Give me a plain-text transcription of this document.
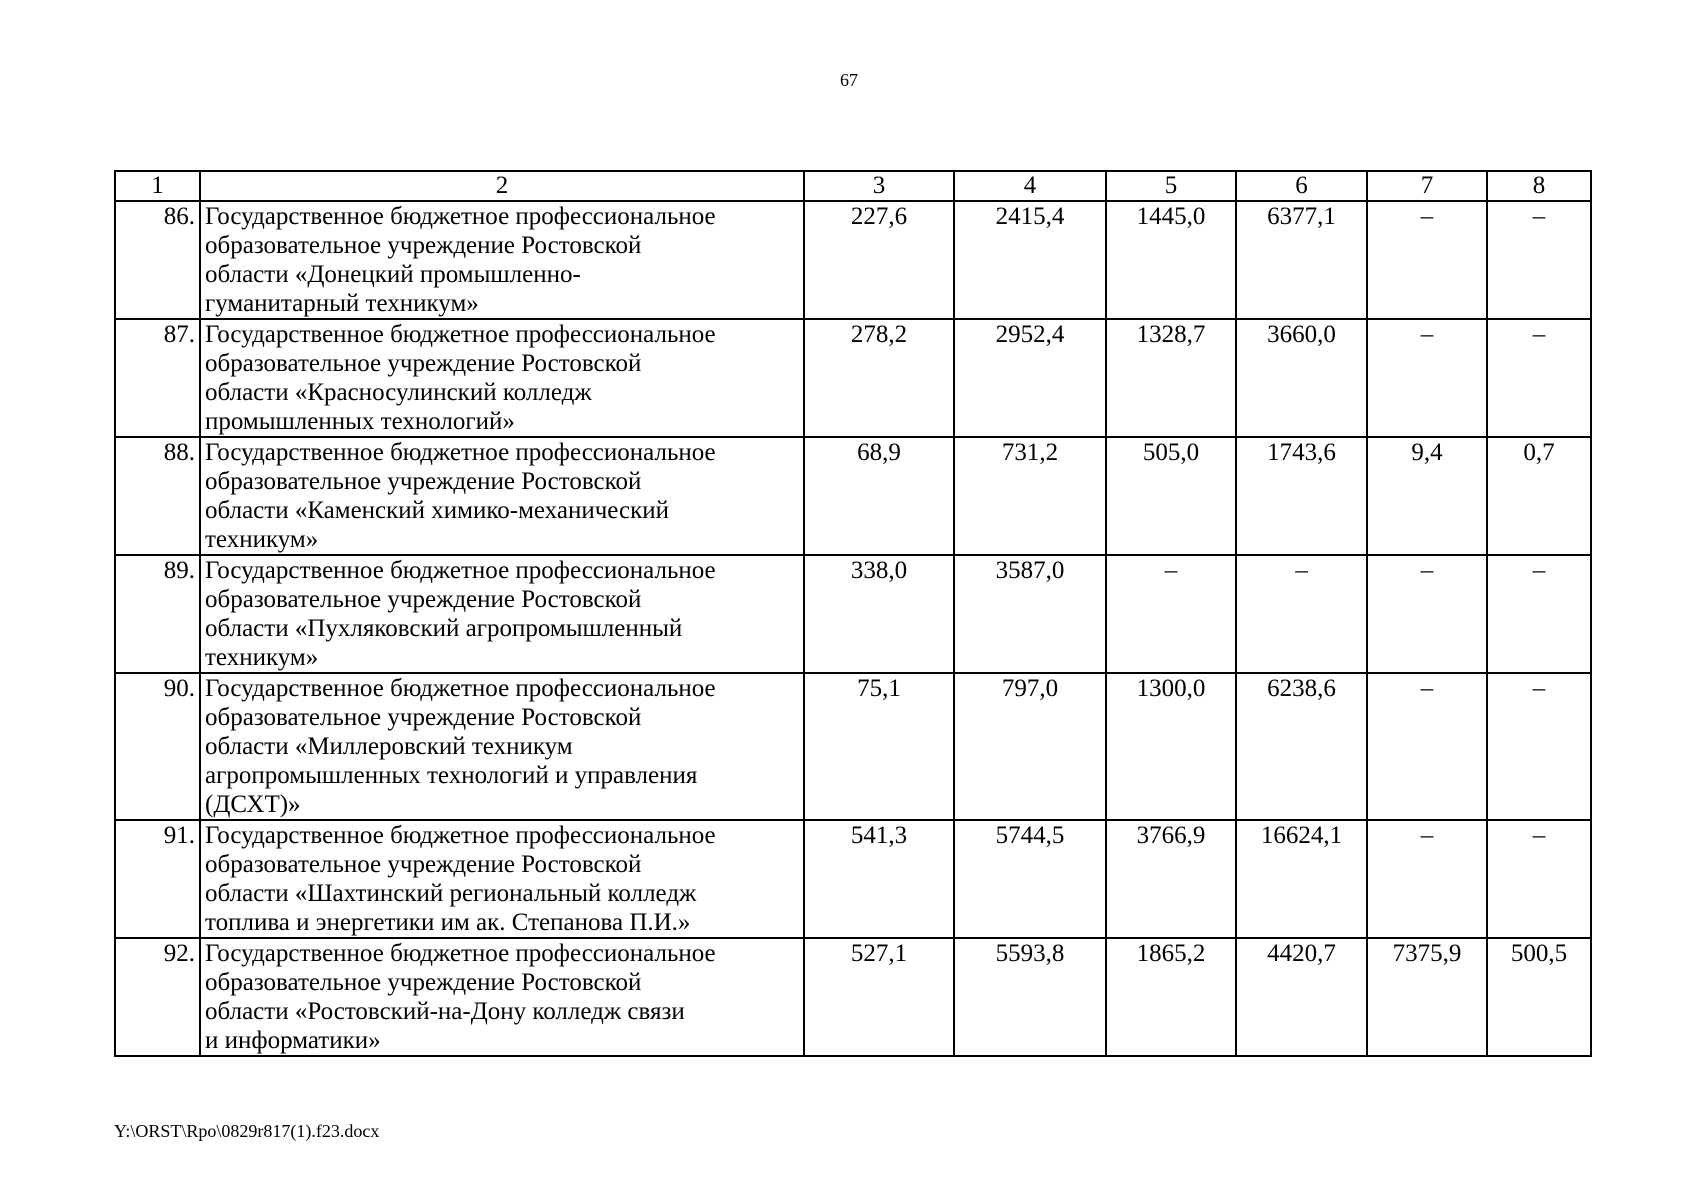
67
1	2	3	4	5	6	7	8
86.	Государственное бюджетное профессиональное
образовательное учреждение Ростовской
области «Донецкий промышленно-
гуманитарный техникум»	227,6	2415,4	1445,0	6377,1	–	–
87.	Государственное бюджетное профессиональное
образовательное учреждение Ростовской
области «Красносулинский колледж
промышленных технологий»	278,2	2952,4	1328,7	3660,0	–	–
88.	Государственное бюджетное профессиональное
образовательное учреждение Ростовской
области «Каменский химико-механический
техникум»	68,9	731,2	505,0	1743,6	9,4	0,7
89.	Государственное бюджетное профессиональное
образовательное учреждение Ростовской
области «Пухляковский агропромышленный
техникум»	338,0	3587,0	–	–	–	–
90.	Государственное бюджетное профессиональное
образовательное учреждение Ростовской
области «Миллеровский техникум
агропромышленных технологий и управления
(ДСХТ)»	75,1	797,0	1300,0	6238,6	–	–
91.	Государственное бюджетное профессиональное
образовательное учреждение Ростовской
области «Шахтинский региональный колледж
топлива и энергетики им ак. Степанова П.И.»	541,3	5744,5	3766,9	16624,1	–	–
92.	Государственное бюджетное профессиональное
образовательное учреждение Ростовской
области «Ростовский-на-Дону колледж связи
и информатики»	527,1	5593,8	1865,2	4420,7	7375,9	500,5
Y:\ORST\Rpo\0829r817(1).f23.docx
